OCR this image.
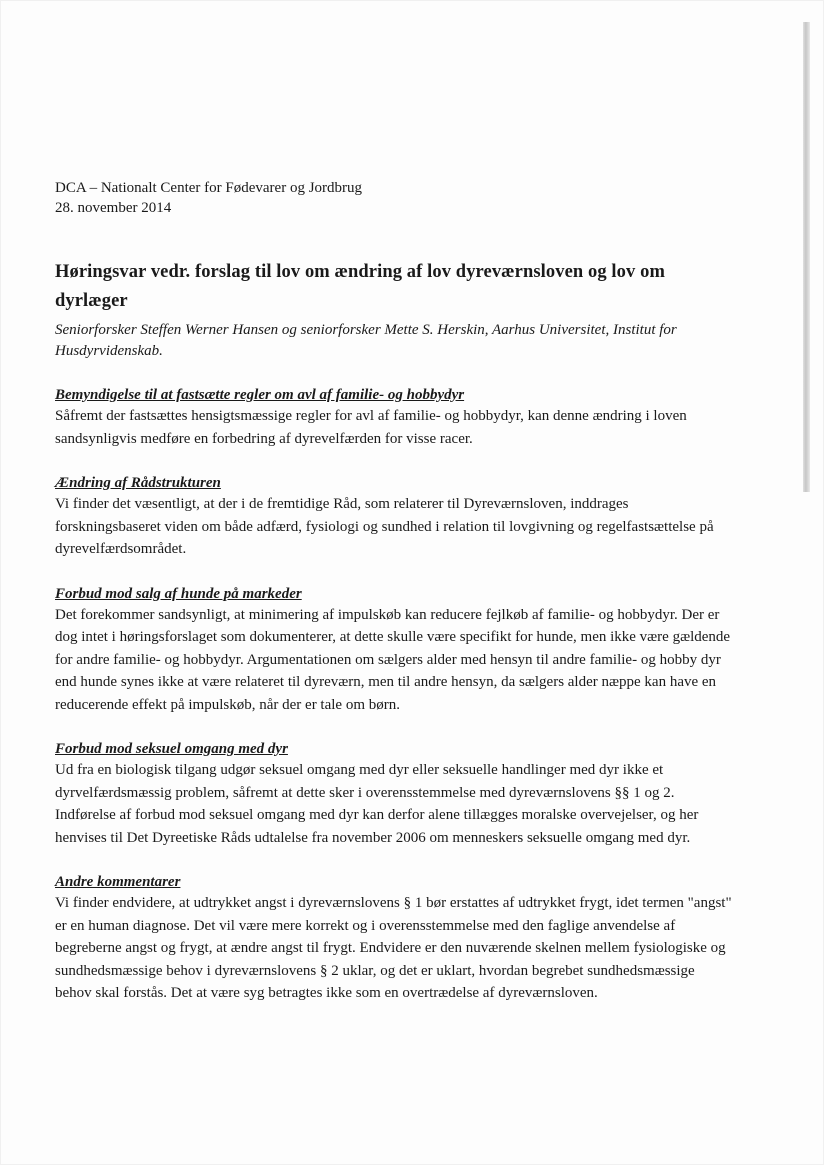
DCA – Nationalt Center for Fødevarer og Jordbrug

28. november 2014

Høringsvar vedr. forslag til lov om ændring af lov dyreværnsloven og lov om dyrlæger

Seniorforsker Steffen Werner Hansen og seniorforsker Mette S. Herskin, Aarhus Universitet, Institut for Husdyrvidenskab.

Bemyndigelse til at fastsætte regler om avl af familie- og hobbydyr

Såfremt der fastsættes hensigtsmæssige regler for avl af familie- og hobbydyr, kan denne ændring i loven sandsynligvis medføre en forbedring af dyrevelfærden for visse racer.

Ændring af Rådstrukturen

Vi finder det væsentligt, at der i de fremtidige Råd, som relaterer til Dyreværnsloven, inddrages forskningsbaseret viden om både adfærd, fysiologi og sundhed i relation til lovgivning og regelfastsættelse på dyrevelfærdsområdet.

Forbud mod salg af hunde på markeder

Det forekommer sandsynligt, at minimering af impulskøb kan reducere fejlkøb af familie- og hobbydyr. Der er dog intet i høringsforslaget som dokumenterer, at dette skulle være specifikt for hunde, men ikke være gældende for andre familie- og hobbydyr. Argumentationen om sælgers alder med hensyn til andre familie- og hobby dyr end hunde synes ikke at være relateret til dyreværn, men til andre hensyn, da sælgers alder næppe kan have en reducerende effekt på impulskøb, når der er tale om børn.

Forbud mod seksuel omgang med dyr

Ud fra en biologisk tilgang udgør seksuel omgang med dyr eller seksuelle handlinger med dyr ikke et dyrvelfærdsmæssig problem, såfremt at dette sker i overensstemmelse med dyreværnslovens §§ 1 og 2. Indførelse af forbud mod seksuel omgang med dyr kan derfor alene tillægges moralske overvejelser, og her henvises til Det Dyreetiske Råds udtalelse fra november 2006 om menneskers seksuelle omgang med dyr.

Andre kommentarer

Vi finder endvidere, at udtrykket angst i dyreværnslovens § 1 bør erstattes af udtrykket frygt, idet termen "angst" er en human diagnose. Det vil være mere korrekt og i overensstemmelse med den faglige anvendelse af begreberne angst og frygt, at ændre angst til frygt. Endvidere er den nuværende skelnen mellem fysiologiske og sundhedsmæssige behov i dyreværnslovens § 2 uklar, og det er uklart, hvordan begrebet sundhedsmæssige behov skal forstås. Det at være syg betragtes ikke som en overtrædelse af dyreværnsloven.
